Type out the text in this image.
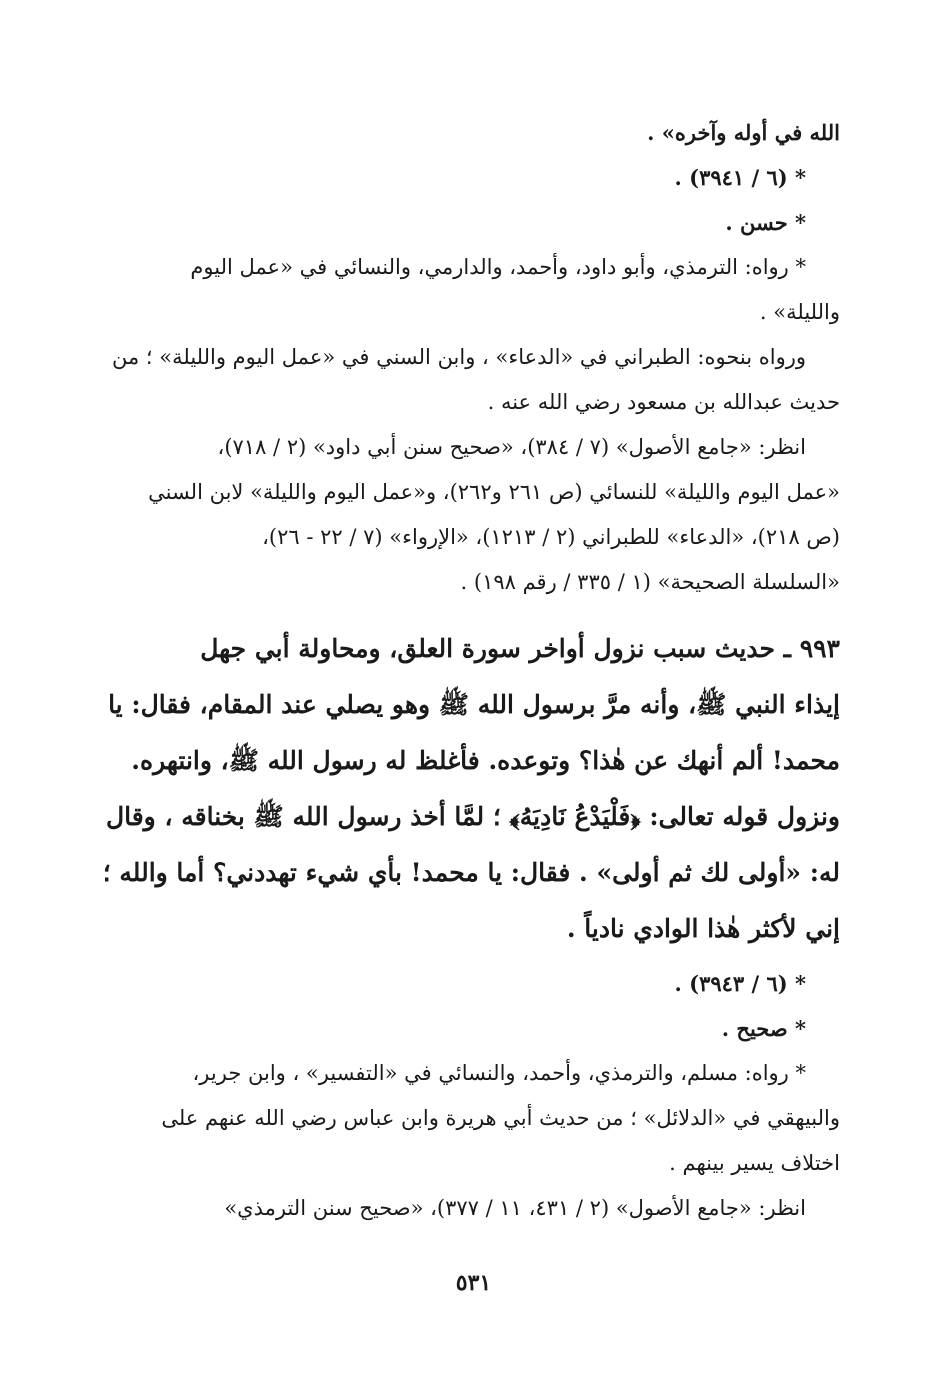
الله في أوله وآخره» .
* (٦ / ٣٩٤١) .
* حسن .
* رواه: الترمذي، وأبو داود، وأحمد، والدارمي، والنسائي في «عمل اليوم
والليلة» .
ورواه بنحوه: الطبراني في «الدعاء» ، وابن السني في «عمل اليوم والليلة» ؛ من
حديث عبدالله بن مسعود رضي الله عنه .
انظر: «جامع الأصول» (٧ / ٣٨٤)، «صحيح سنن أبي داود» (٢ / ٧١٨)،
«عمل اليوم والليلة» للنسائي (ص ٢٦١ و٢٦٢)، و«عمل اليوم والليلة» لابن السني
(ص ٢١٨)، «الدعاء» للطبراني (٢ / ١٢١٣)، «الإرواء» (٧ / ٢٢ - ٢٦)،
«السلسلة الصحيحة» (١ / ٣٣٥ / رقم ١٩٨) .
٩٩٣ ـ حديث سبب نزول أواخر سورة العلق، ومحاولة أبي جهل
إيذاء النبي ﷺ، وأنه مرَّ برسول الله ﷺ وهو يصلي عند المقام، فقال: يا
محمد! ألم أنهك عن هٰذا؟ وتوعده. فأغلظ له رسول الله ﷺ، وانتهره.
ونزول قوله تعالى: ﴿فَلْيَدْعُ نَادِيَهُ﴾ ؛ لمَّا أخذ رسول الله ﷺ بخناقه ، وقال
له: «أولى لك ثم أولى» . فقال: يا محمد! بأي شيء تهددني؟ أما والله ؛
إني لأكثر هٰذا الوادي نادياً .
* (٦ / ٣٩٤٣) .
* صحيح .
* رواه: مسلم، والترمذي، وأحمد، والنسائي في «التفسير» ، وابن جرير،
والبيهقي في «الدلائل» ؛ من حديث أبي هريرة وابن عباس رضي الله عنهم على
اختلاف يسير بينهم .
انظر: «جامع الأصول» (٢ / ٤٣١، ١١ / ٣٧٧)، «صحيح سنن الترمذي»
٥٣١
